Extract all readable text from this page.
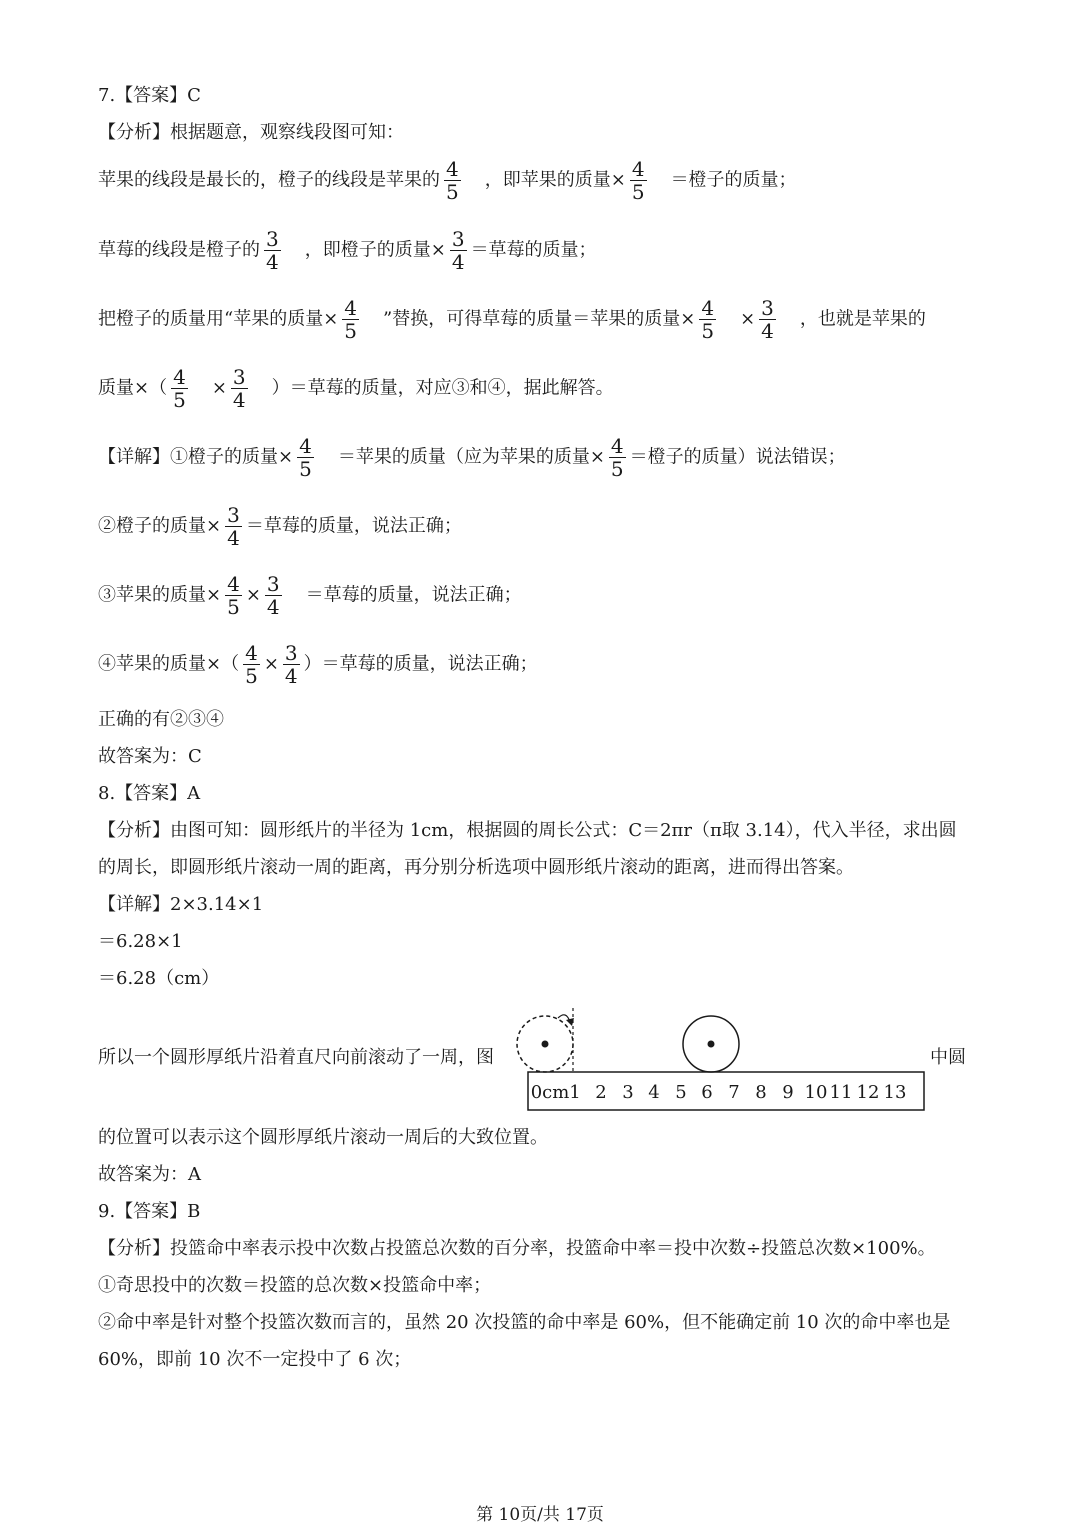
7.【答案】C
【分析】根据题意，观察线段图可知：
苹果的线段是最长的，橙子的线段是苹果的 $\frac{4}{5}$ ，即苹果的质量× $\frac{4}{5}$ ＝橙子的质量；
草莓的线段是橙子的 $\frac{3}{4}$ ，即橙子的质量× $\frac{3}{4}$ ＝草莓的质量；
把橙子的质量用“苹果的质量× $\frac{4}{5}$ ”替换，可得草莓的质量＝苹果的质量× $\frac{4}{5} \times \frac{3}{4}$ ，也就是苹果的
质量×（ $\frac{4}{5} \times \frac{3}{4}$ ）＝草莓的质量，对应③和④，据此解答。
【详解】①橙子的质量× $\frac{4}{5}$ ＝苹果的质量（应为苹果的质量× $\frac{4}{5}$ ＝橙子的质量）说法错误；
②橙子的质量× $\frac{3}{4}$ ＝草莓的质量，说法正确；
③苹果的质量× $\frac{4}{5} \times \frac{3}{4}$ ＝草莓的质量，说法正确；
④苹果的质量×（ $\frac{4}{5} \times \frac{3}{4}$ ）＝草莓的质量，说法正确；
正确的有②③④
故答案为：C
8.【答案】A
【分析】由图可知：圆形纸片的半径为 1cm，根据圆的周长公式：C＝2πr（π取 3.14），代入半径，求出圆
的周长，即圆形纸片滚动一周的距离，再分别分析选项中圆形纸片滚动的距离，进而得出答案。
【详解】2×3.14×1
＝6.28×1
＝6.28（cm）
所以一个圆形厚纸片沿着直尺向前滚动了一周，图
0cm 1 2 3 4 5 6 7 8 9 10 11 12 13
中圆
的位置可以表示这个圆形厚纸片滚动一周后的大致位置。
故答案为：A
9.【答案】B
【分析】投篮命中率表示投中次数占投篮总次数的百分率，投篮命中率＝投中次数÷投篮总次数×100%。
①奇思投中的次数＝投篮的总次数×投篮命中率；
②命中率是针对整个投篮次数而言的，虽然 20 次投篮的命中率是 60%，但不能确定前 10 次的命中率也是
60%，即前 10 次不一定投中了 6 次；
第 10页/共 17页
